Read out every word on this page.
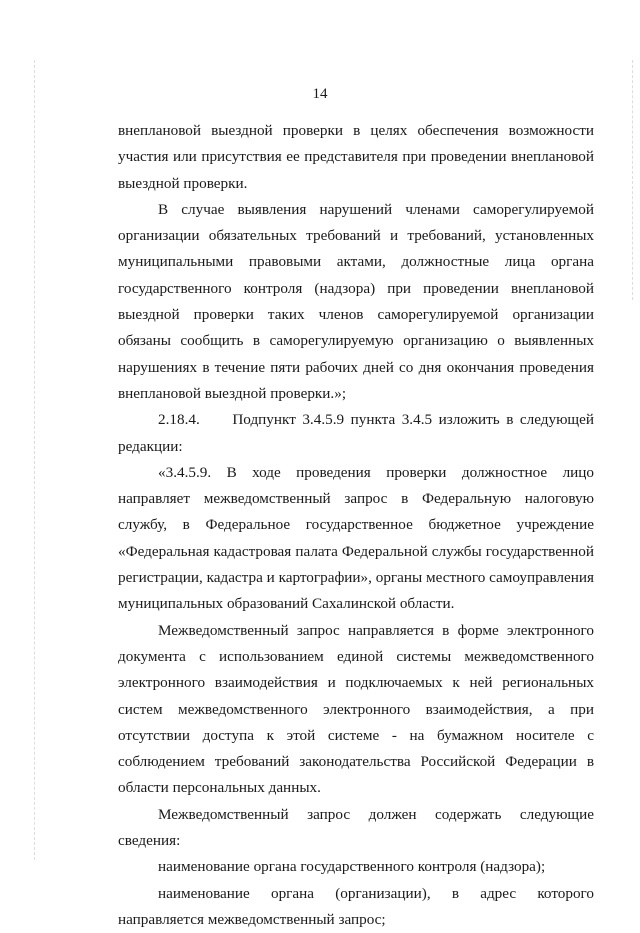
14

внеплановой выездной проверки в целях обеспечения возможности участия или присутствия ее представителя при проведении внеплановой выездной проверки.

В случае выявления нарушений членами саморегулируемой организации обязательных требований и требований, установленных муниципальными правовыми актами, должностные лица органа государственного контроля (надзора) при проведении внеплановой выездной проверки таких членов саморегулируемой организации обязаны сообщить в саморегулируемую организацию о выявленных нарушениях в течение пяти рабочих дней со дня окончания проведения внеплановой выездной проверки.»;

2.18.4.     Подпункт 3.4.5.9 пункта 3.4.5 изложить в следующей редакции:

«3.4.5.9. В ходе проведения проверки должностное лицо направляет межведомственный запрос в Федеральную налоговую службу, в Федеральное государственное бюджетное учреждение «Федеральная кадастровая палата Федеральной службы государственной регистрации, кадастра и картографии», органы местного самоуправления муниципальных образований Сахалинской области.

Межведомственный запрос направляется в форме электронного документа с использованием единой системы межведомственного электронного взаимодействия и подключаемых к ней региональных систем межведомственного электронного взаимодействия, а при отсутствии доступа к этой системе - на бумажном носителе с соблюдением требований законодательства Российской Федерации в области персональных данных.

Межведомственный запрос должен содержать следующие сведения:

наименование органа государственного контроля (надзора);

наименование органа (организации), в адрес которого направляется межведомственный запрос;
